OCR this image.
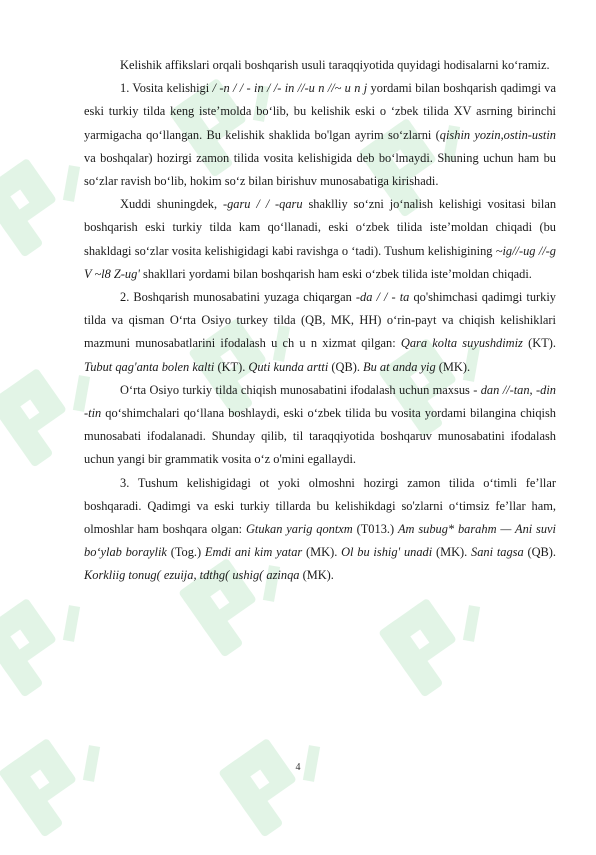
Kelishik affikslari orqali boshqarish usuli taraqqiyotida quyidagi hodisalarni ko‘ramiz.

1. Vosita kelishigi / -n / / - in / /- in //-u n //~ u n j yordami bilan boshqarish qadimgi va eski turkiy tilda keng iste’molda bo‘lib, bu kelishik eski o ‘zbek tilida XV asrning birinchi yarmigacha qo‘llangan. Bu kelishik shaklida bo'lgan ayrim so‘zlarni (qishin yozin,ostin-ustin va boshqalar) hozirgi zamon tilida vosita kelishigida deb bo‘lmaydi. Shuning uchun ham bu so‘zlar ravish bo‘lib, hokim so‘z bilan birishuv munosabatiga kirishadi.

Xuddi shuningdek, -garu / / -qaru shaklliy so‘zni jo‘nalish kelishigi vositasi bilan boshqarish eski turkiy tilda kam qo‘llanadi, eski o‘zbek tilida iste’moldan chiqadi (bu shakldagi so‘zlar vosita kelishigidagi kabi ravishga o ‘tadi). Tushum kelishigining ~ig//-ug //-g V ~l8 Z-ug' shakllari yordami bilan boshqarish ham eski o‘zbek tilida iste’moldan chiqadi.

2. Boshqarish munosabatini yuzaga chiqargan -da / / - ta qo'shimchasi qadimgi turkiy tilda va qisman O‘rta Osiyo turkey tilda (QB, MK, HH) o‘rin-payt va chiqish kelishiklari mazmuni munosabatlarini ifodalash u ch u n xizmat qilgan: Qara kolta suyushdimiz (KT). Tubut qag'anta bolen kalti (KT). Quti kunda artti (QB). Bu at anda yig (MK).

O‘rta Osiyo turkiy tilda chiqish munosabatini ifodalash uchun maxsus - dan //-tan, -din -tin qo‘shimchalari qo‘llana boshlaydi, eski o‘zbek tilida bu vosita yordami bilangina chiqish munosabati ifodalanadi. Shunday qilib, til taraqqiyotida boshqaruv munosabatini ifodalash uchun yangi bir grammatik vosita o‘z o'mini egallaydi.

3. Tushum kelishigidagi ot yoki olmoshni hozirgi zamon tilida o‘timli fe’llar boshqaradi. Qadimgi va eski turkiy tillarda bu kelishikdagi so'zlarni o‘timsiz fe’llar ham, olmoshlar ham boshqara olgan: Gtukan yarig qontxm (T013.) Am subug* barahm — Ani suvi bo‘ylab boraylik (Tog.) Emdi ani kim yatar (MK). Ol bu ishig' unadi (MK). Sani tagsa (QB). Korkliig tonug( ezuija, tdthg( ushig( azinqa (MK).

4
